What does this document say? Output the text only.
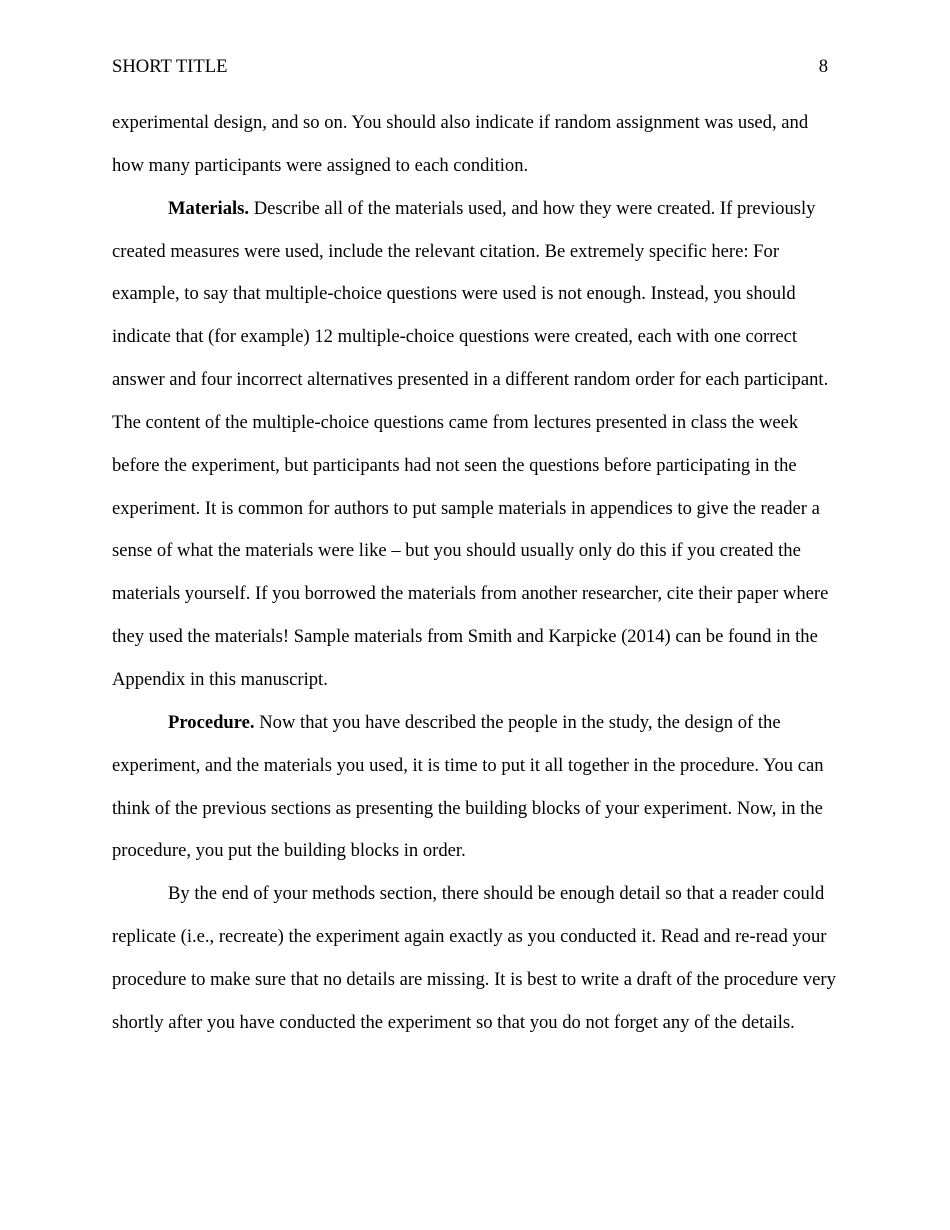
SHORT TITLE	8
experimental design, and so on. You should also indicate if random assignment was used, and
how many participants were assigned to each condition.
Materials. Describe all of the materials used, and how they were created. If previously
created measures were used, include the relevant citation. Be extremely specific here: For
example, to say that multiple-choice questions were used is not enough. Instead, you should
indicate that (for example) 12 multiple-choice questions were created, each with one correct
answer and four incorrect alternatives presented in a different random order for each participant.
The content of the multiple-choice questions came from lectures presented in class the week
before the experiment, but participants had not seen the questions before participating in the
experiment. It is common for authors to put sample materials in appendices to give the reader a
sense of what the materials were like – but you should usually only do this if you created the
materials yourself. If you borrowed the materials from another researcher, cite their paper where
they used the materials! Sample materials from Smith and Karpicke (2014) can be found in the
Appendix in this manuscript.
Procedure. Now that you have described the people in the study, the design of the
experiment, and the materials you used, it is time to put it all together in the procedure. You can
think of the previous sections as presenting the building blocks of your experiment. Now, in the
procedure, you put the building blocks in order.
By the end of your methods section, there should be enough detail so that a reader could
replicate (i.e., recreate) the experiment again exactly as you conducted it. Read and re-read your
procedure to make sure that no details are missing. It is best to write a draft of the procedure very
shortly after you have conducted the experiment so that you do not forget any of the details.
